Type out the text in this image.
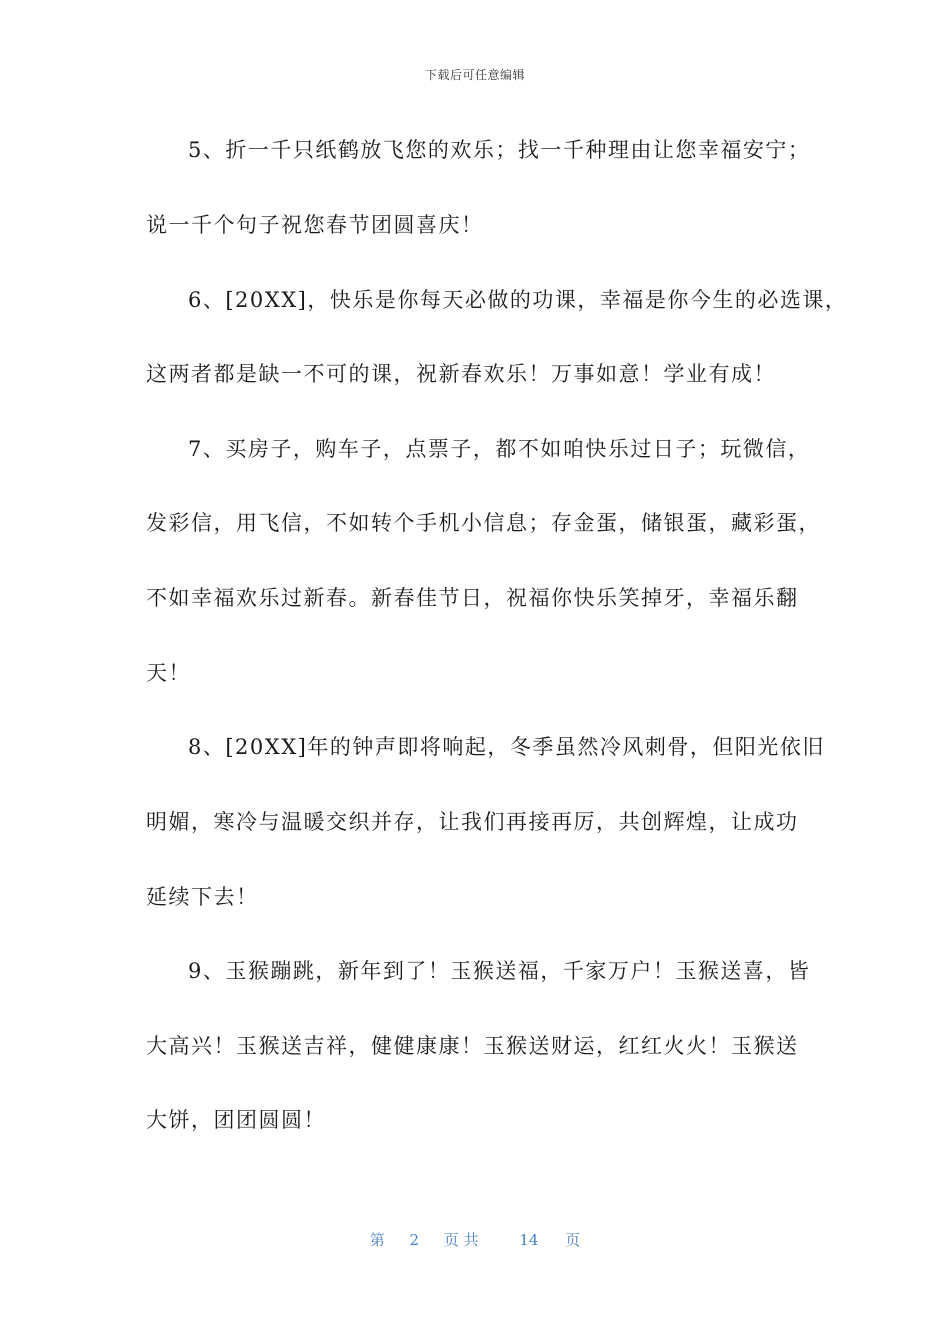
下载后可任意编辑
5、折一千只纸鹤放飞您的欢乐；找一千种理由让您幸福安宁；
说一千个句子祝您春节团圆喜庆！
6、[20XX]，快乐是你每天必做的功课，幸福是你今生的必选课，
这两者都是缺一不可的课，祝新春欢乐！万事如意！学业有成！
7、买房子，购车子，点票子，都不如咱快乐过日子；玩微信，
发彩信，用飞信，不如转个手机小信息；存金蛋，储银蛋，藏彩蛋，
不如幸福欢乐过新春。新春佳节日，祝福你快乐笑掉牙，幸福乐翻
天！
8、[20XX]年的钟声即将响起，冬季虽然冷风刺骨，但阳光依旧
明媚，寒冷与温暖交织并存，让我们再接再厉，共创辉煌，让成功
延续下去！
9、玉猴蹦跳，新年到了！玉猴送福，千家万户！玉猴送喜，皆
大高兴！玉猴送吉祥，健健康康！玉猴送财运，红红火火！玉猴送
大饼，团团圆圆！
第 2 页 共	14 页
